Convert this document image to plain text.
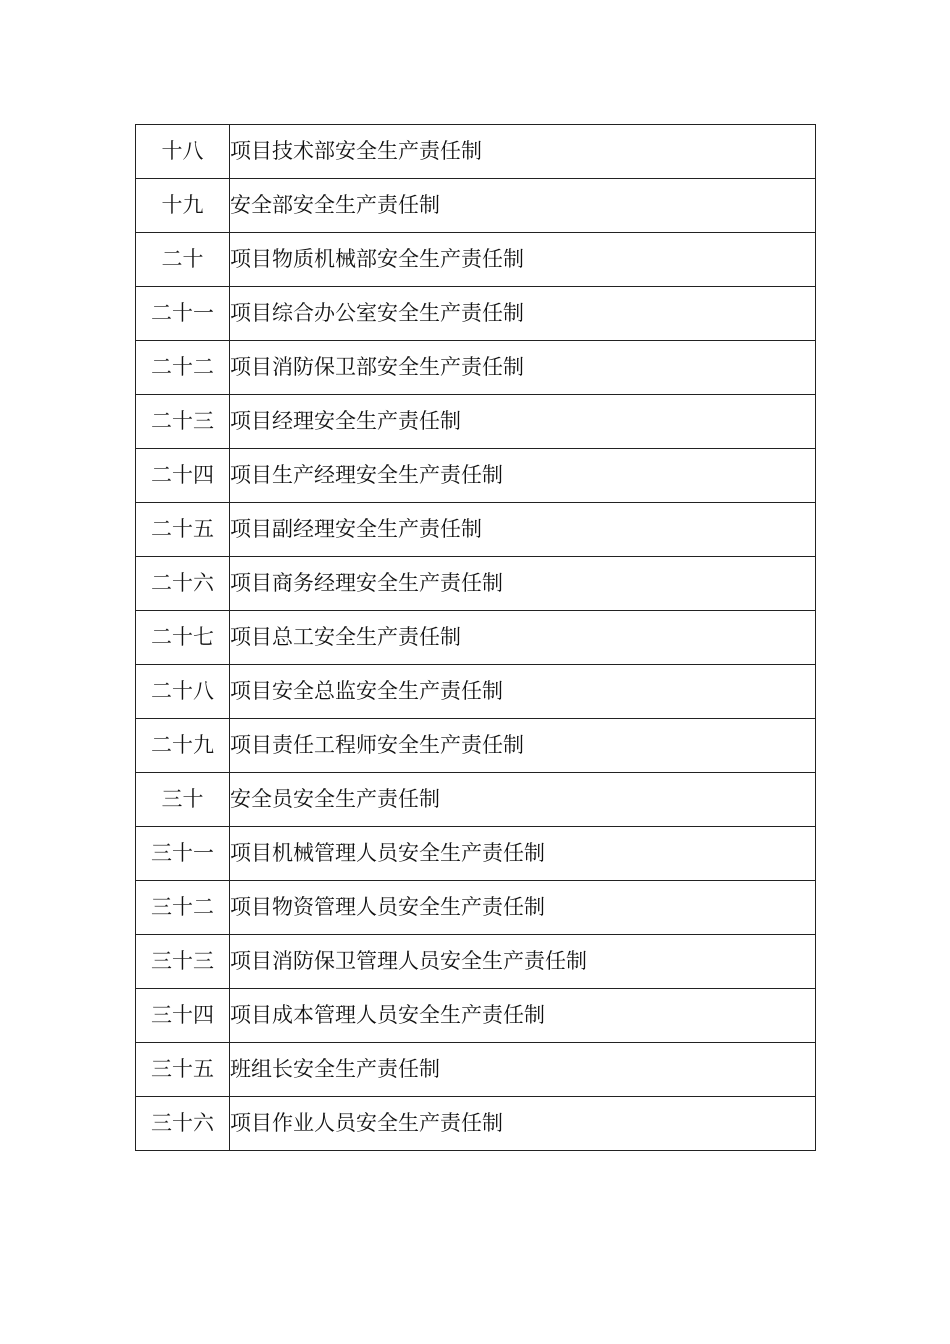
十八	项目技术部安全生产责任制
十九	安全部安全生产责任制
二十	项目物质机械部安全生产责任制
二十一	项目综合办公室安全生产责任制
二十二	项目消防保卫部安全生产责任制
二十三	项目经理安全生产责任制
二十四	项目生产经理安全生产责任制
二十五	项目副经理安全生产责任制
二十六	项目商务经理安全生产责任制
二十七	项目总工安全生产责任制
二十八	项目安全总监安全生产责任制
二十九	项目责任工程师安全生产责任制
三十	安全员安全生产责任制
三十一	项目机械管理人员安全生产责任制
三十二	项目物资管理人员安全生产责任制
三十三	项目消防保卫管理人员安全生产责任制
三十四	项目成本管理人员安全生产责任制
三十五	班组长安全生产责任制
三十六	项目作业人员安全生产责任制
